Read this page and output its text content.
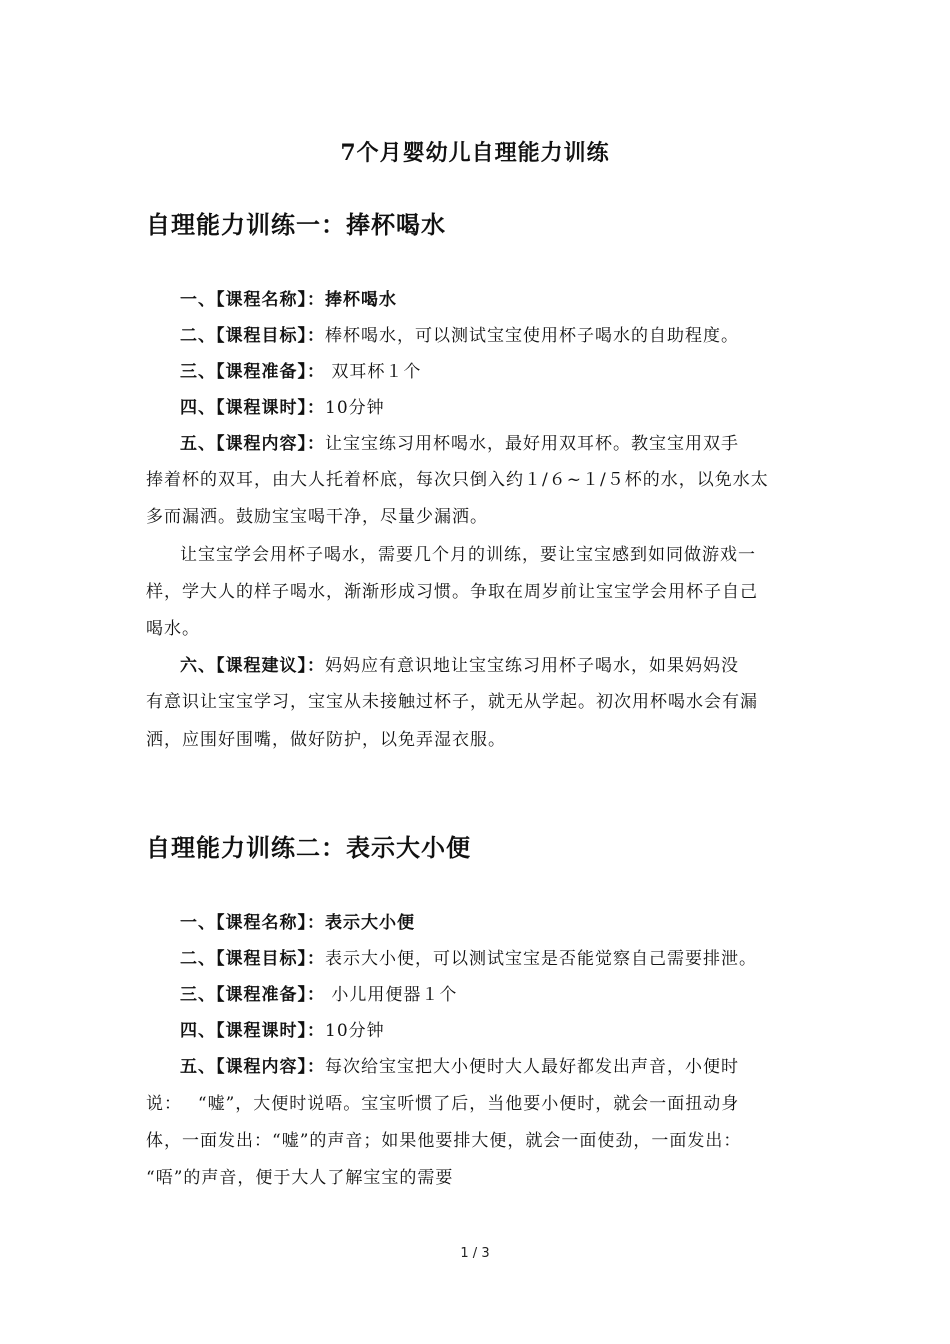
7个月婴幼儿自理能力训练
自理能力训练一：捧杯喝水
一、【课程名称】：捧杯喝水
二、【课程目标】：棒杯喝水，可以测试宝宝使用杯子喝水的自助程度。
三、【课程准备】： 双耳杯１个
四、【课程课时】：10分钟
五、【课程内容】：让宝宝练习用杯喝水，最好用双耳杯。教宝宝用双手
捧着杯的双耳，由大人托着杯底，每次只倒入约１/６~１/５杯的水，以免水太
多而漏洒。鼓励宝宝喝干净，尽量少漏洒。
让宝宝学会用杯子喝水，需要几个月的训练，要让宝宝感到如同做游戏一
样，学大人的样子喝水，渐渐形成习惯。争取在周岁前让宝宝学会用杯子自己
喝水。
六、【课程建议】：妈妈应有意识地让宝宝练习用杯子喝水，如果妈妈没
有意识让宝宝学习，宝宝从未接触过杯子，就无从学起。初次用杯喝水会有漏
洒，应围好围嘴，做好防护，以免弄湿衣服。
自理能力训练二：表示大小便
一、【课程名称】：表示大小便
二、【课程目标】：表示大小便，可以测试宝宝是否能觉察自己需要排泄。
三、【课程准备】： 小儿用便器１个
四、【课程课时】：10分钟
五、【课程内容】：每次给宝宝把大小便时大人最好都发出声音，小便时
说：　 “嘘”，大便时说唔。宝宝听惯了后，当他要小便时，就会一面扭动身
体，一面发出：“嘘”的声音；如果他要排大便，就会一面使劲，一面发出：
“唔”的声音，便于大人了解宝宝的需要
1 / 3
